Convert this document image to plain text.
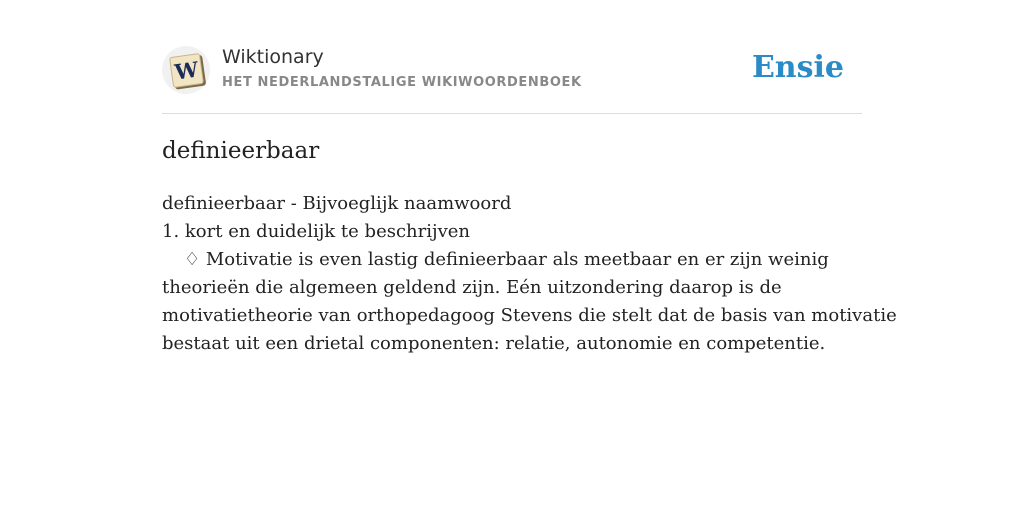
W Wiktionary
HET NEDERLANDSTALIGE WIKIWOORDENBOEK	Ensie
definieerbaar
definieerbaar - Bijvoeglijk naamwoord
1. kort en duidelijk te beschrijven
♢ Motivatie is even lastig definieerbaar als meetbaar en er zijn weinig
theorieën die algemeen geldend zijn. Eén uitzondering daarop is de
motivatietheorie van orthopedagoog Stevens die stelt dat de basis van motivatie
bestaat uit een drietal componenten: relatie, autonomie en competentie.
